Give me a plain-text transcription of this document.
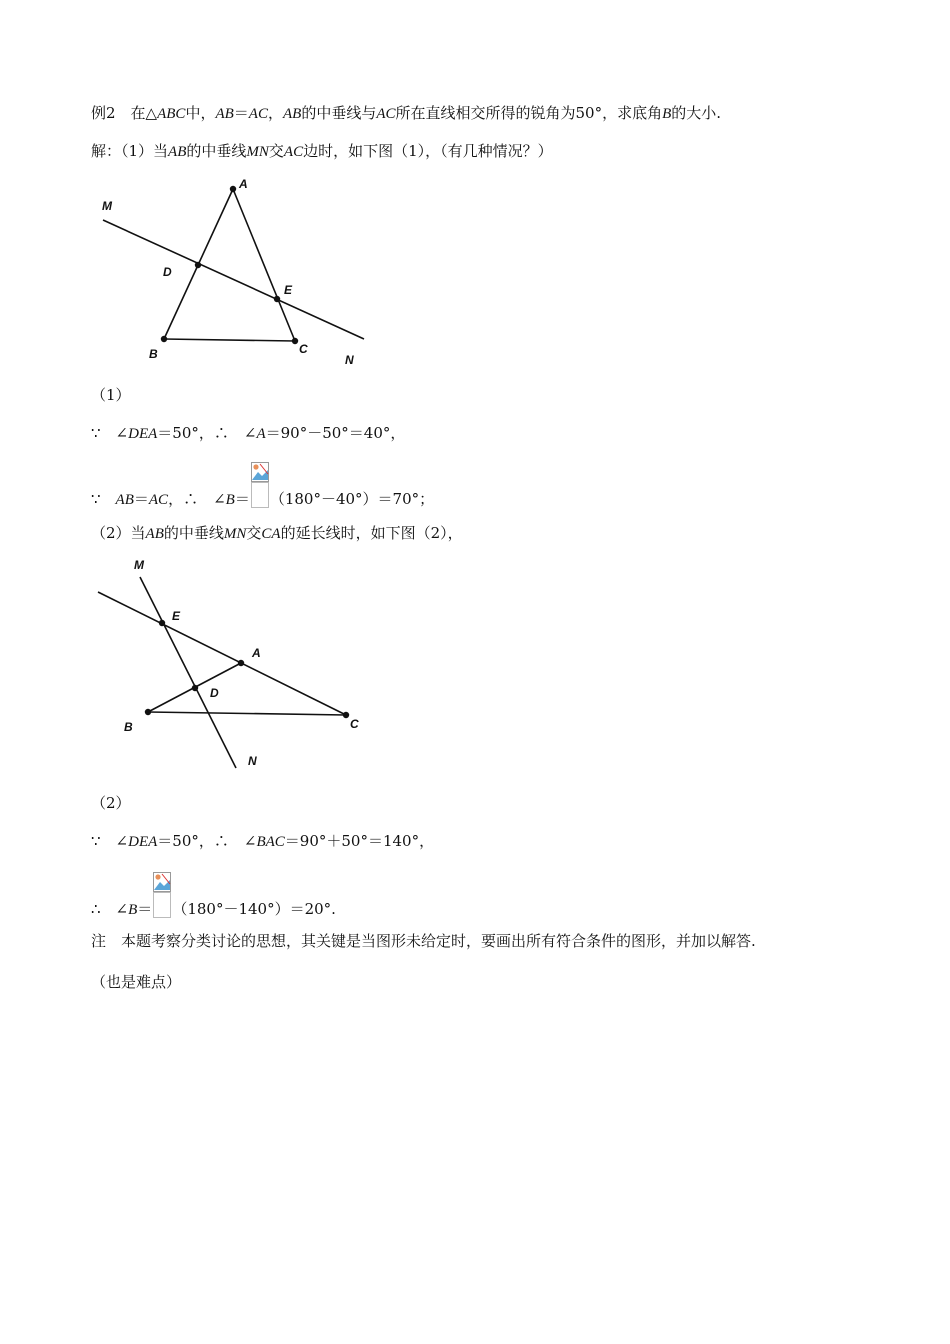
例2　在△ABC中，AB＝AC，AB的中垂线与AC所在直线相交所得的锐角为50°，求底角B的大小.
解：（1）当AB的中垂线MN交AC边时，如下图（1），（有几种情况？）
A
B	C
D
E
M
N
（1）
∵　∠DEA＝50°，∴　∠A＝90°－50°＝40°，
∵　AB＝AC，∴　∠B＝ （180°－40°）＝70°；
（2）当AB的中垂线MN交CA的延长线时，如下图（2），
A
B	C
D
E
M
N
（2）
∵　∠DEA＝50°，∴　∠BAC＝90°＋50°＝140°，
∴　∠B＝ （180°－140°）＝20°.
注　本题考察分类讨论的思想，其关键是当图形未给定时，要画出所有符合条件的图形，并加以解答.
（也是难点）
